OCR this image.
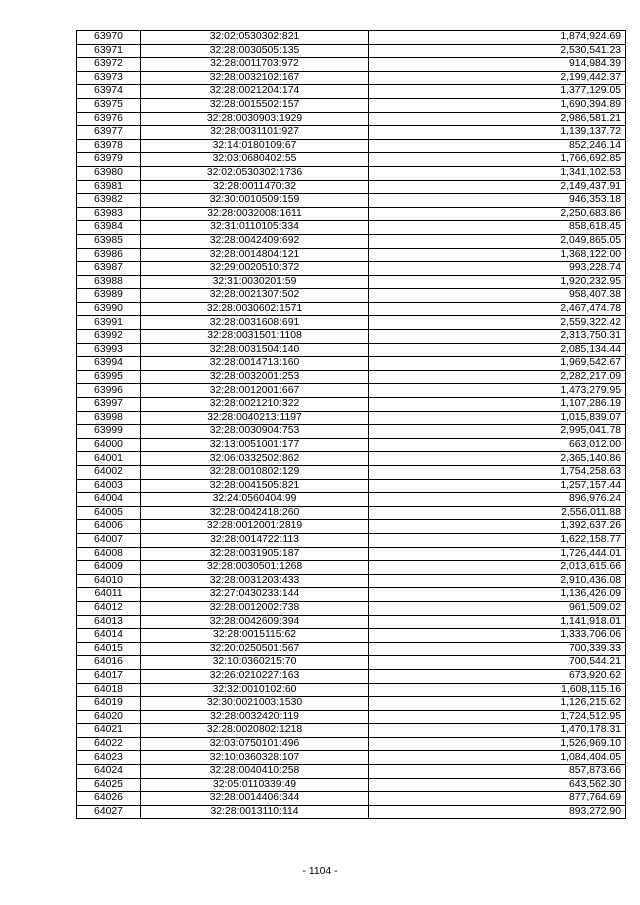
63970	32:02:0530302:821	1,874,924.69
63971	32:28:0030505:135	2,530,541.23
63972	32:28:0011703:972	914,984.39
63973	32:28:0032102:167	2,199,442.37
63974	32:28:0021204:174	1,377,129.05
63975	32:28:0015502:157	1,690,394.89
63976	32:28:0030903:1929	2,986,581.21
63977	32:28:0031101:927	1,139,137.72
63978	32:14:0180109:67	852,246.14
63979	32:03:0680402:55	1,766,692.85
63980	32:02:0530302:1736	1,341,102.53
63981	32:28:0011470:32	2,149,437.91
63982	32:30:0010509:159	946,353.18
63983	32:28:0032008:1611	2,250,683.86
63984	32:31:0110105:334	858,618.45
63985	32:28:0042409:692	2,049,865.05
63986	32:28:0014804:121	1,368,122.00
63987	32:29:0020510:372	993,228.74
63988	32:31:0030201:59	1,920,232.95
63989	32:28:0021307:502	958,407.38
63990	32:28:0030602:1571	2,467,474.78
63991	32:28:0031608:691	2,559,322.42
63992	32:28:0031501:1108	2,313,750.31
63993	32:28:0031504:140	2,085,134.44
63994	32:28:0014713:160	1,969,542.67
63995	32:28:0032001:253	2,282,217.09
63996	32:28:0012001:667	1,473,279.95
63997	32:28:0021210:322	1,107,286.19
63998	32:28:0040213:1197	1,015,839.07
63999	32:28:0030904:753	2,995,041.78
64000	32:13:0051001:177	663,012.00
64001	32:06:0332502:862	2,365,140.86
64002	32:28:0010802:129	1,754,258.63
64003	32:28:0041505:821	1,257,157.44
64004	32:24:0560404:99	896,976.24
64005	32:28:0042418:260	2,556,011.88
64006	32:28:0012001:2819	1,392,637.26
64007	32:28:0014722:113	1,622,158.77
64008	32:28:0031905:187	1,726,444.01
64009	32:28:0030501:1268	2,013,615.66
64010	32:28:0031203:433	2,910,436.08
64011	32:27:0430233:144	1,136,426.09
64012	32:28:0012002:738	961,509.02
64013	32:28:0042609:394	1,141,918.01
64014	32:28:0015115:62	1,333,706.06
64015	32:20:0250501:567	700,339.33
64016	32:10:0360215:70	700,544.21
64017	32:26:0210227:163	673,920.62
64018	32:32:0010102:60	1,608,115.16
64019	32:30:0021003:1530	1,126,215.62
64020	32:28:0032420:119	1,724,512.95
64021	32:28:0020802:1218	1,470,178.31
64022	32:03:0750101:496	1,526,969.10
64023	32:10:0360328:107	1,084,404.05
64024	32:28:0040410:258	857,873.66
64025	32:05:0110339:49	643,562.30
64026	32:28:0014406:344	877,764.69
64027	32:28:0013110:114	893,272.90
- 1104 -
